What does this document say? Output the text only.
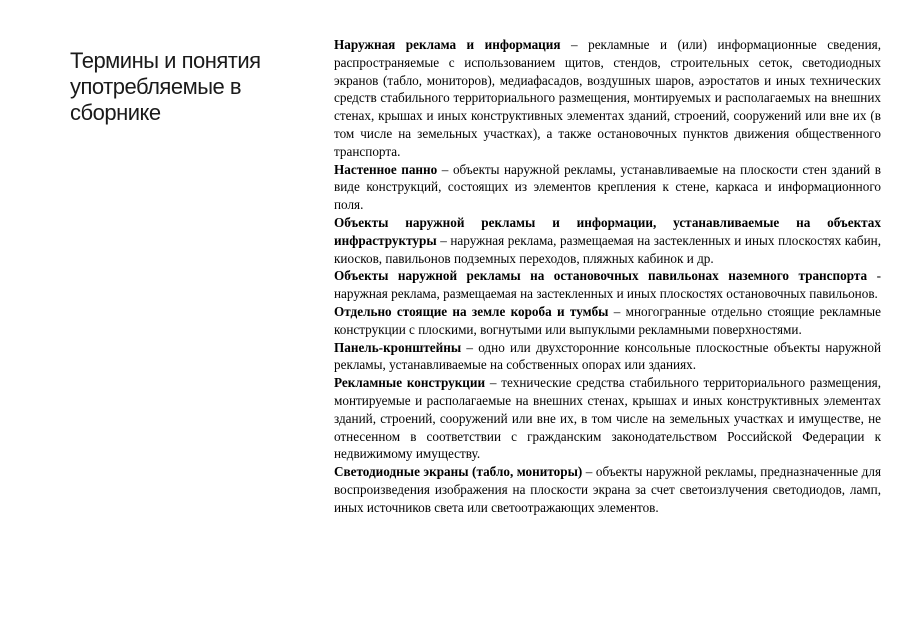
Термины и понятия употребляемые в сборнике

Наружная реклама и информация – рекламные и (или) информационные сведения, распространяемые с использованием щитов, стендов, строительных сеток, светодиодных экранов (табло, мониторов), медиафасадов, воздушных шаров, аэростатов и иных технических средств стабильного территориального размещения, монтируемых и располагаемых на внешних стенах, крышах и иных конструктивных элементах зданий, строений, сооружений или вне их (в том числе на земельных участках), а также остановочных пунктов движения общественного транспорта.

Настенное панно – объекты наружной рекламы, устанавливаемые на плоскости стен зданий в виде конструкций, состоящих из элементов крепления к стене, каркаса и информационного поля.

Объекты наружной рекламы и информации, устанавливаемые на объектах инфраструктуры – наружная реклама, размещаемая на застекленных и иных плоскостях кабин, киосков, павильонов подземных переходов, пляжных кабинок и др.

Объекты наружной рекламы на остановочных павильонах наземного транспорта - наружная реклама, размещаемая на застекленных и иных плоскостях остановочных павильонов.

Отдельно стоящие на земле короба и тумбы – многогранные отдельно стоящие рекламные конструкции с плоскими, вогнутыми или выпуклыми рекламными поверхностями.

Панель-кронштейны – одно или двухсторонние консольные плоскостные объекты наружной рекламы, устанавливаемые на собственных опорах или зданиях.

Рекламные конструкции – технические средства стабильного территориального размещения, монтируемые и располагаемые на внешних стенах, крышах и иных конструктивных элементах зданий, строений, сооружений или вне их, в том числе на земельных участках и имуществе, не отнесенном в соответствии с гражданским законодательством Российской Федерации к недвижимому имуществу.

Светодиодные экраны (табло, мониторы) – объекты наружной рекламы, предназначенные для воспроизведения изображения на плоскости экрана за счет светоизлучения светодиодов, ламп, иных источников света или светоотражающих элементов.
